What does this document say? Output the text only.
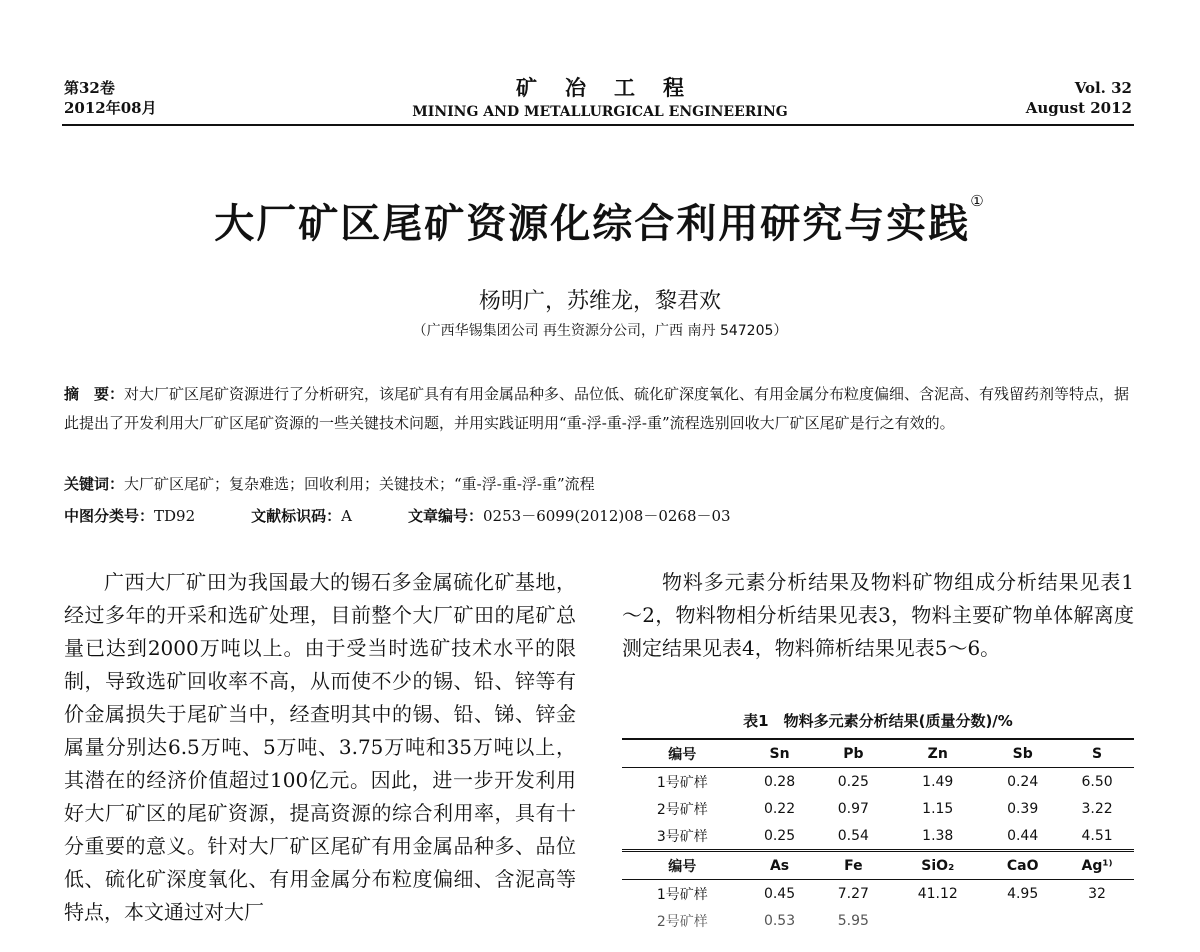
第32卷
2012年08月
矿冶工程
MINING AND METALLURGICAL ENGINEERING
Vol. 32
August 2012
大厂矿区尾矿资源化综合利用研究与实践①
杨明广，苏维龙，黎君欢
（广西华锡集团公司 再生资源分公司，广西 南丹 547205）
摘　要：对大厂矿区尾矿资源进行了分析研究，该尾矿具有有用金属品种多、品位低、硫化矿深度氧化、有用金属分布粒度偏细、含泥高、有残留药剂等特点，据此提出了开发利用大厂矿区尾矿资源的一些关键技术问题，并用实践证明用“重-浮-重-浮-重”流程选别回收大厂矿区尾矿是行之有效的。
关键词：大厂矿区尾矿；复杂难选；回收利用；关键技术；“重-浮-重-浮-重”流程
中图分类号：TD92	文献标识码：A	文章编号：0253－6099(2012)08－0268－03

广西大厂矿田为我国最大的锡石多金属硫化矿基地，经过多年的开采和选矿处理，目前整个大厂矿田的尾矿总量已达到2000万吨以上。由于受当时选矿技术水平的限制，导致选矿回收率不高，从而使不少的锡、铅、锌等有价金属损失于尾矿当中，经查明其中的锡、铅、锑、锌金属量分别达6.5万吨、5万吨、3.75万吨和35万吨以上，其潜在的经济价值超过100亿元。因此，进一步开发利用好大厂矿区的尾矿资源，提高资源的综合利用率，具有十分重要的意义。针对大厂矿区尾矿有用金属品种多、品位低、硫化矿深度氧化、有用金属分布粒度偏细、含泥高等特点，本文通过对大厂

物料多元素分析结果及物料矿物组成分析结果见表1～2，物料物相分析结果见表3，物料主要矿物单体解离度测定结果见表4，物料筛析结果见表5～6。

表1　物料多元素分析结果(质量分数)/%
编号	Sn	Pb	Zn	Sb	S
1号矿样	0.28	0.25	1.49	0.24	6.50
2号矿样	0.22	0.97	1.15	0.39	3.22
3号矿样	0.25	0.54	1.38	0.44	4.51
编号	As	Fe	SiO₂	CaO	Ag¹⁾
1号矿样	0.45	7.27	41.12	4.95	32
2号矿样	0.53	5.95			
